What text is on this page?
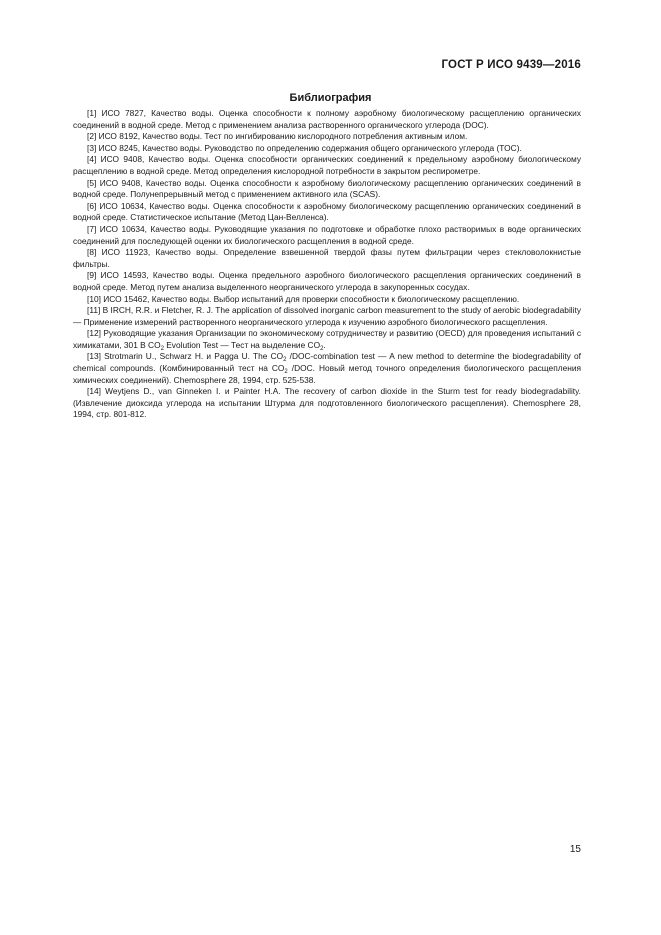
ГОСТ Р ИСО 9439—2016
Библиография
[1] ИСО 7827, Качество воды. Оценка способности к полному аэробному биологическому расщеплению органических соединений в водной среде. Метод с применением анализа растворенного органического углерода (DOC).
[2] ИСО 8192, Качество воды. Тест по ингибированию кислородного потребления активным илом.
[3] ИСО 8245, Качество воды. Руководство по определению содержания общего органического углерода (TOC).
[4] ИСО 9408, Качество воды. Оценка способности органических соединений к предельному аэробному биологическому расщеплению в водной среде. Метод определения кислородной потребности в закрытом респирометре.
[5] ИСО 9408, Качество воды. Оценка способности к аэробному биологическому расщеплению органических соединений в водной среде. Полунепрерывный метод с применением активного ила (SCAS).
[6] ИСО 10634, Качество воды. Оценка способности к аэробному биологическому расщеплению органических соединений в водной среде. Статистическое испытание (Метод Цан-Велленса).
[7] ИСО 10634, Качество воды. Руководящие указания по подготовке и обработке плохо растворимых в воде органических соединений для последующей оценки их биологического расщепления в водной среде.
[8] ИСО 11923, Качество воды. Определение взвешенной твердой фазы путем фильтрации через стекловолокнистые фильтры.
[9] ИСО 14593, Качество воды. Оценка предельного аэробного биологического расщепления органических соединений в водной среде. Метод путем анализа выделенного неорганического углерода в закупоренных сосудах.
[10] ИСО 15462, Качество воды. Выбор испытаний для проверки способности к биологическому расщеплению.
[11] B IRCH, R.R. и Fletcher, R. J. The application of dissolved inorganic carbon measurement to the study of aerobic biodegradability — Применение измерений растворенного неорганического углерода к изучению аэробного биологического расщепления.
[12] Руководящие указания Организации по экономическому сотрудничеству и развитию (OECD) для проведения испытаний с химикатами, 301 В $CO_2$ Evolution Test — Тест на выделение $CO_2$.
[13] Strotmarin U., Schwarz H. и Pagga U. The $CO_2$ /DOC-combination test — A new method to determine the biodegradability of chemical compounds. (Комбинированный тест на $CO_2$ /DOC. Новый метод точного определения биологического расщепления химических соединений). Chemosphere 28, 1994, стр. 525-538.
[14] Weytjens D., van Ginneken I. и Painter H.A. The recovery of carbon dioxide in the Sturm test for ready biodegradability. (Извлечение диоксида углерода на испытании Штурма для подготовленного биологического расщепления). Chemosphere 28, 1994, стр. 801-812.
15
